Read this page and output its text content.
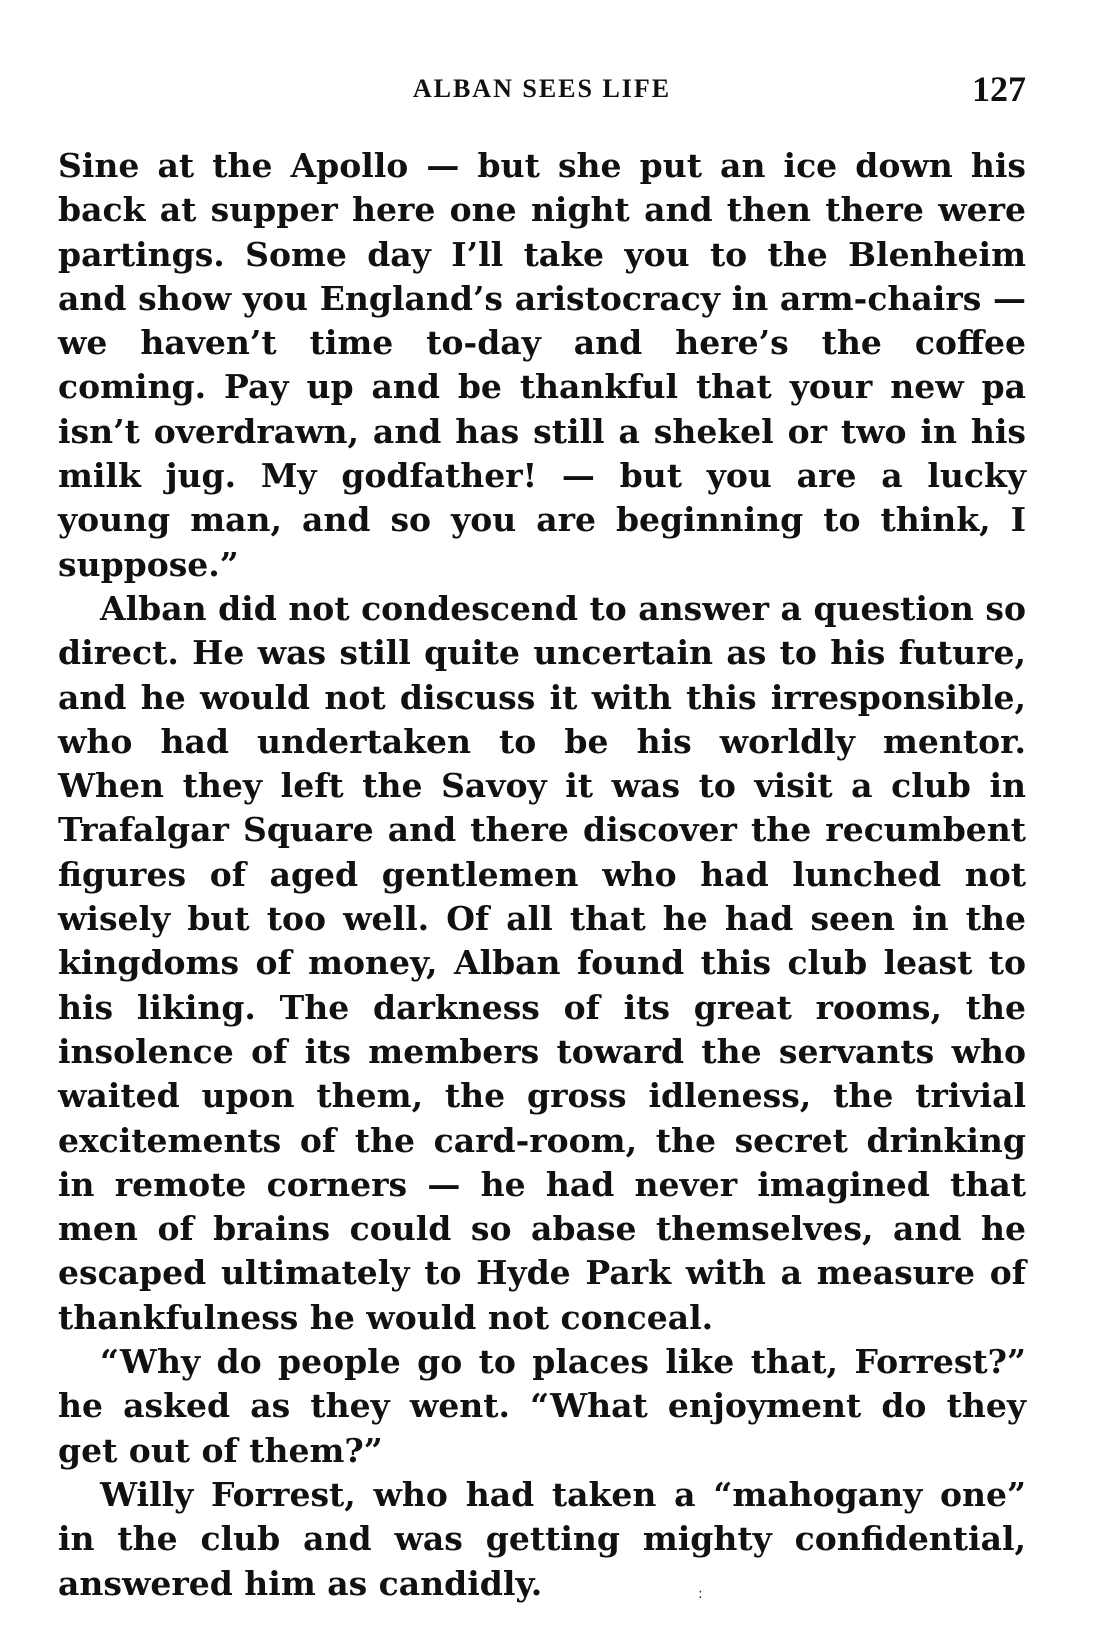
ALBAN SEES LIFE	127

Sine at the Apollo — but she put an ice down his back at supper here one night and then there were partings. Some day I’ll take you to the Blenheim and show you England’s aristocracy in arm-chairs — we haven’t time to-day and here’s the coffee coming. Pay up and be thankful that your new pa isn’t overdrawn, and has still a shekel or two in his milk jug. My godfather! — but you are a lucky young man, and so you are beginning to think, I suppose.”

Alban did not condescend to answer a question so direct. He was still quite uncertain as to his future, and he would not discuss it with this irresponsible, who had undertaken to be his worldly mentor. When they left the Savoy it was to visit a club in Trafalgar Square and there discover the recumbent figures of aged gentlemen who had lunched not wisely but too well. Of all that he had seen in the kingdoms of money, Alban found this club least to his liking. The darkness of its great rooms, the insolence of its members toward the servants who waited upon them, the gross idleness, the trivial excitements of the card-room, the secret drinking in remote corners — he had never imagined that men of brains could so abase themselves, and he escaped ultimately to Hyde Park with a measure of thankfulness he would not conceal.

“Why do people go to places like that, Forrest?” he asked as they went. “What enjoyment do they get out of them?”

Willy Forrest, who had taken a “mahogany one” in the club and was getting mighty confidential, answered him as candidly.	:
